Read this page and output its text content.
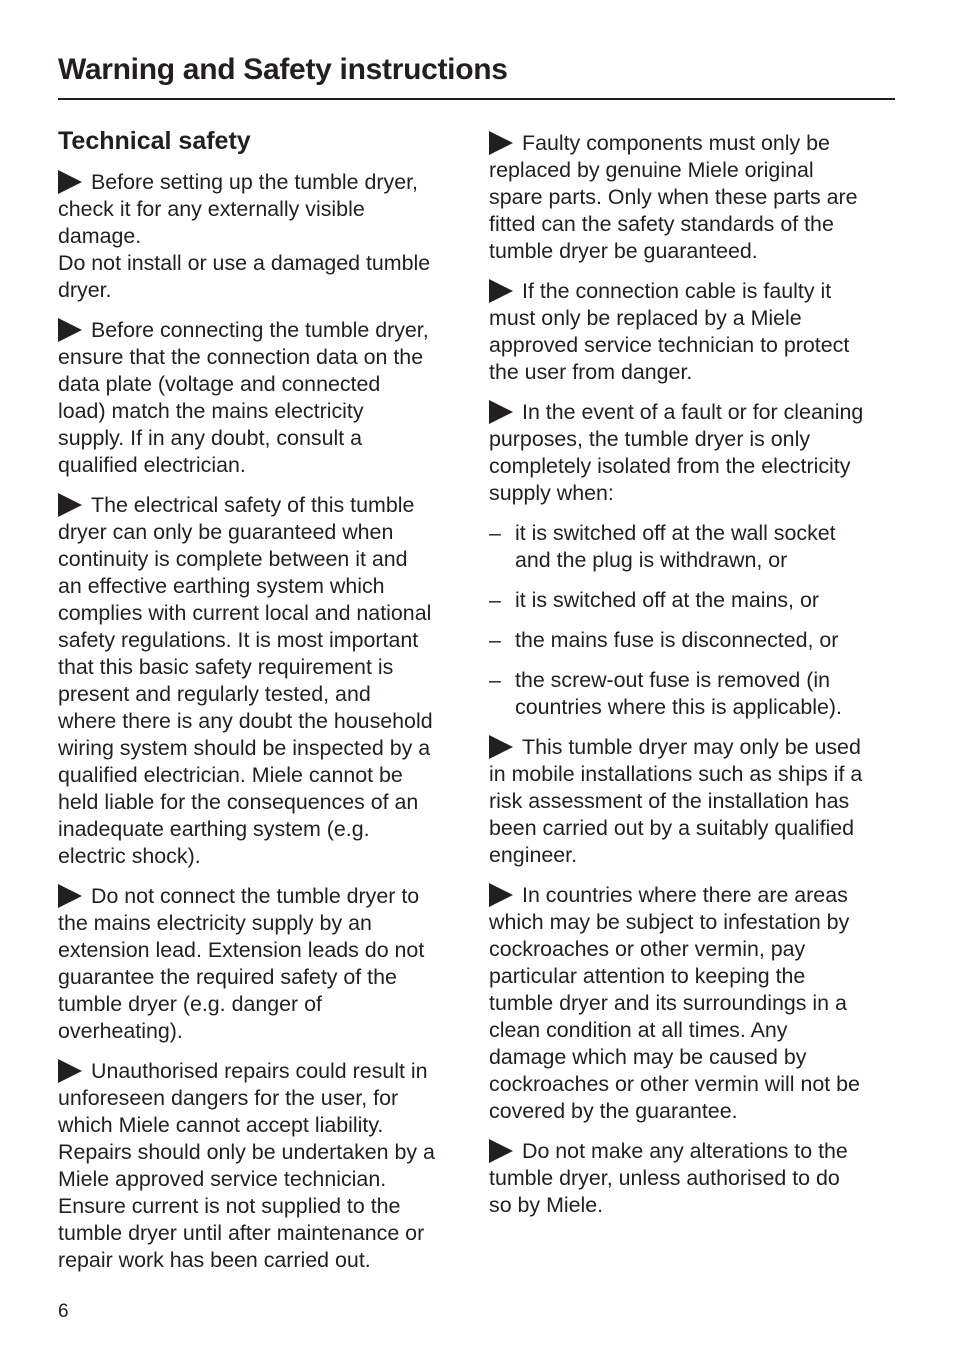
Warning and Safety instructions
Technical safety
Before setting up the tumble dryer,
check it for any externally visible
damage.
Do not install or use a damaged tumble
dryer.
Before connecting the tumble dryer,
ensure that the connection data on the
data plate (voltage and connected
load) match the mains electricity
supply. If in any doubt, consult a
qualified electrician.
The electrical safety of this tumble
dryer can only be guaranteed when
continuity is complete between it and
an effective earthing system which
complies with current local and national
safety regulations. It is most important
that this basic safety requirement is
present and regularly tested, and
where there is any doubt the household
wiring system should be inspected by a
qualified electrician. Miele cannot be
held liable for the consequences of an
inadequate earthing system (e.g.
electric shock).
Do not connect the tumble dryer to
the mains electricity supply by an
extension lead. Extension leads do not
guarantee the required safety of the
tumble dryer (e.g. danger of
overheating).
Unauthorised repairs could result in
unforeseen dangers for the user, for
which Miele cannot accept liability.
Repairs should only be undertaken by a
Miele approved service technician.
Ensure current is not supplied to the
tumble dryer until after maintenance or
repair work has been carried out.
Faulty components must only be
replaced by genuine Miele original
spare parts. Only when these parts are
fitted can the safety standards of the
tumble dryer be guaranteed.
If the connection cable is faulty it
must only be replaced by a Miele
approved service technician to protect
the user from danger.
In the event of a fault or for cleaning
purposes, the tumble dryer is only
completely isolated from the electricity
supply when:
– it is switched off at the wall socket
and the plug is withdrawn, or
– it is switched off at the mains, or
– the mains fuse is disconnected, or
– the screw-out fuse is removed (in
countries where this is applicable).
This tumble dryer may only be used
in mobile installations such as ships if a
risk assessment of the installation has
been carried out by a suitably qualified
engineer.
In countries where there are areas
which may be subject to infestation by
cockroaches or other vermin, pay
particular attention to keeping the
tumble dryer and its surroundings in a
clean condition at all times. Any
damage which may be caused by
cockroaches or other vermin will not be
covered by the guarantee.
Do not make any alterations to the
tumble dryer, unless authorised to do
so by Miele.
6
